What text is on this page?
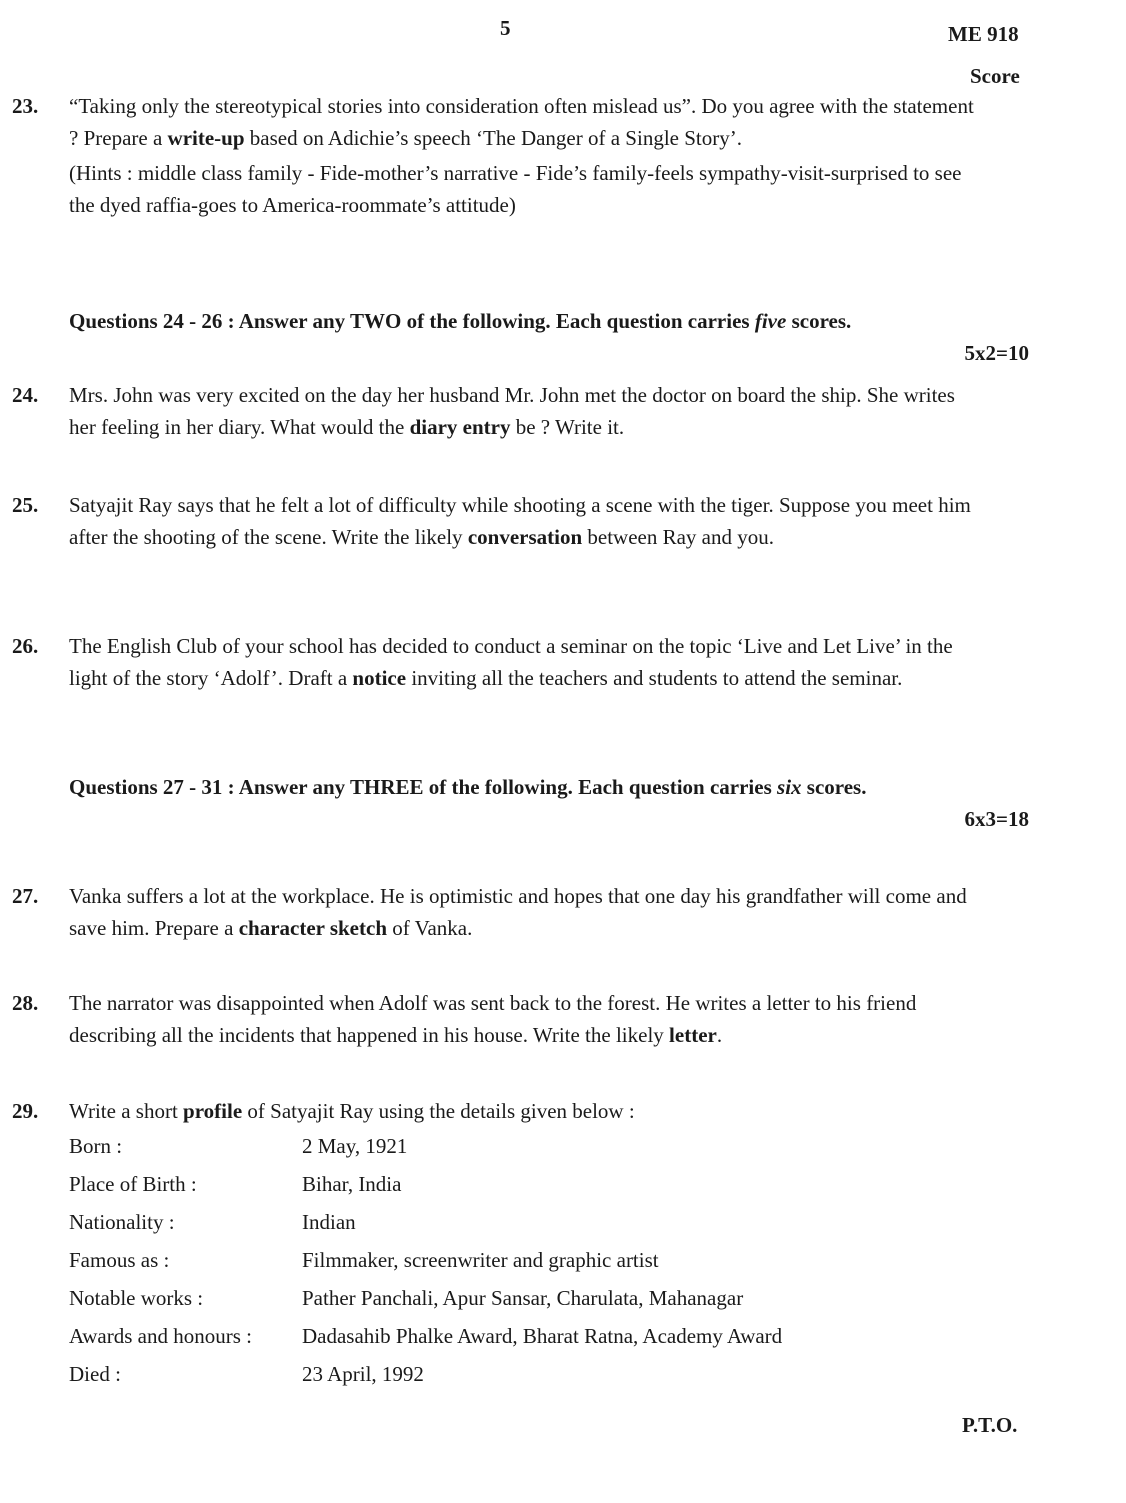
5	ME 918
Score
23. “Taking only the stereotypical stories into consideration often mislead us”. Do you agree with the statement ? Prepare a write-up based on Adichie’s speech ‘The Danger of a Single Story’.

(Hints : middle class family - Fide-mother’s narrative - Fide’s family-feels sympathy-visit-surprised to see the dyed raffia-goes to America-roommate’s attitude)

Questions 24 - 26 : Answer any TWO of the following. Each question carries five scores.
5x2=10
24. Mrs. John was very excited on the day her husband Mr. John met the doctor on board the ship. She writes her feeling in her diary. What would the diary entry be ? Write it.

25. Satyajit Ray says that he felt a lot of difficulty while shooting a scene with the tiger. Suppose you meet him after the shooting of the scene. Write the likely conversation between Ray and you.

26. The English Club of your school has decided to conduct a seminar on the topic ‘Live and Let Live’ in the light of the story ‘Adolf’. Draft a notice inviting all the teachers and students to attend the seminar.

Questions 27 - 31 : Answer any THREE of the following. Each question carries six scores.
6x3=18
27. Vanka suffers a lot at the workplace. He is optimistic and hopes that one day his grandfather will come and save him. Prepare a character sketch of Vanka.

28. The narrator was disappointed when Adolf was sent back to the forest. He writes a letter to his friend describing all the incidents that happened in his house. Write the likely letter.

29. Write a short profile of Satyajit Ray using the details given below :

Born :	2 May, 1921
Place of Birth :	Bihar, India
Nationality :	Indian
Famous as :	Filmmaker, screenwriter and graphic artist
Notable works :	Pather Panchali, Apur Sansar, Charulata, Mahanagar
Awards and honours :	Dadasahib Phalke Award, Bharat Ratna, Academy Award
Died :	23 April, 1992
P.T.O.
